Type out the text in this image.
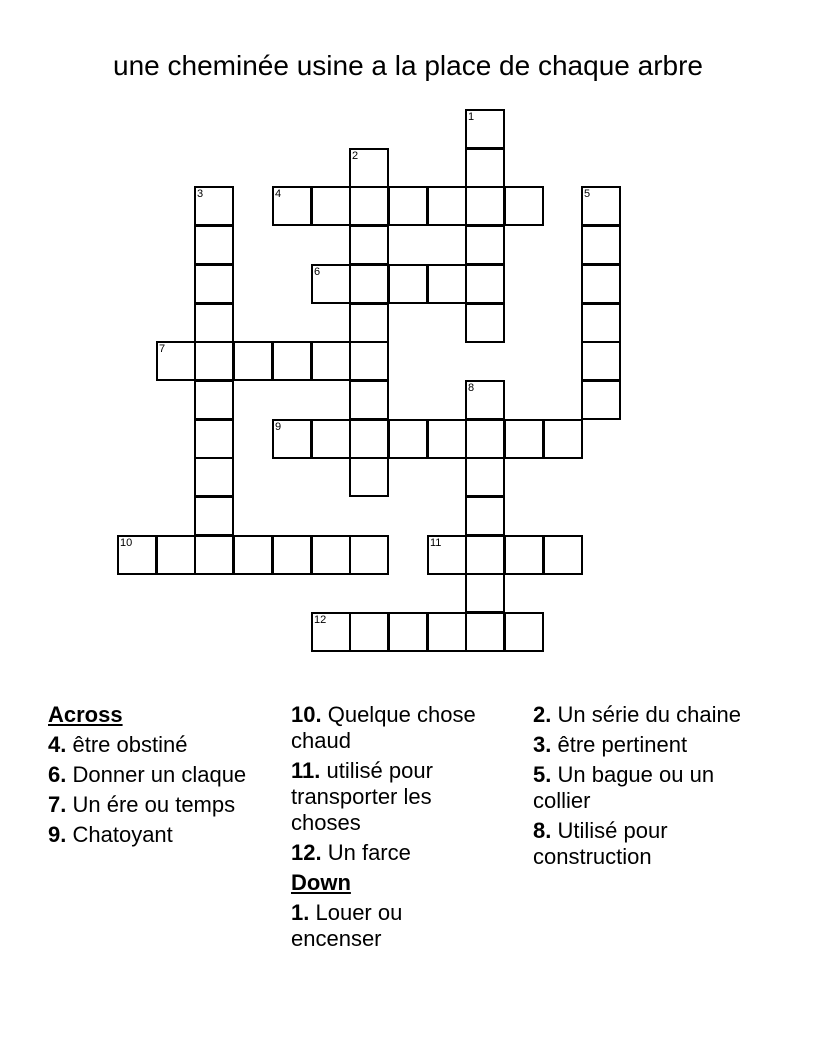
une cheminée usine a la place de chaque arbre
1
2
3	4	5
6
7
8
9
10	11
12
Across
4. être obstiné
6. Donner un claque
7. Un ére ou temps
9. Chatoyant
10. Quelque chose chaud
11. utilisé pour transporter les choses
12. Un farce
Down
1. Louer ou encenser
2. Un série du chaine
3. être pertinent
5. Un bague ou un collier
8. Utilisé pour construction
